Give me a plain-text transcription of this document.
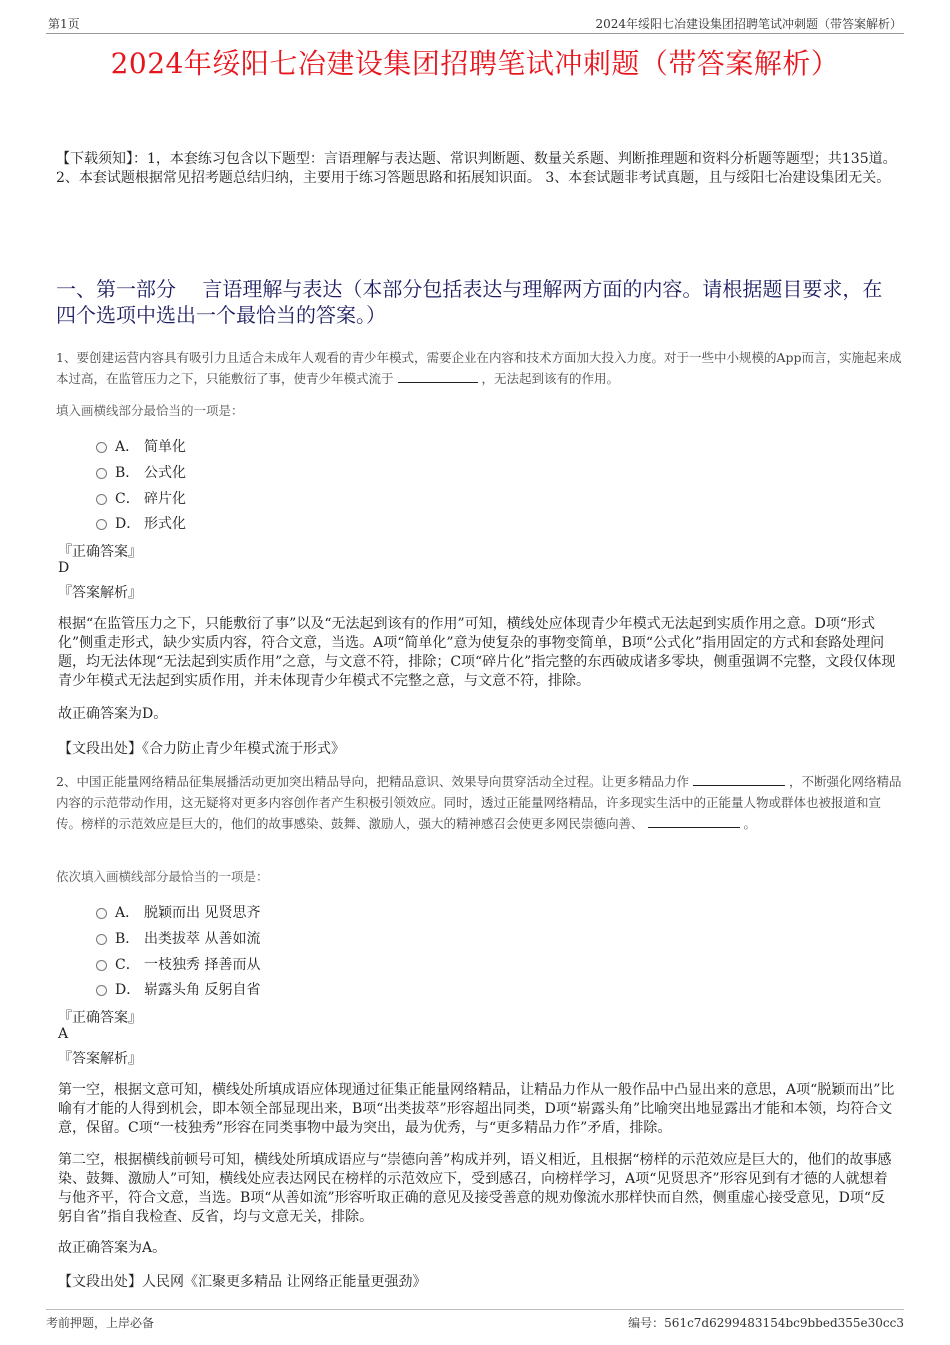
第1页	2024年绥阳七冶建设集团招聘笔试冲刺题（带答案解析）
2024年绥阳七冶建设集团招聘笔试冲刺题（带答案解析）
【下载须知】：1，本套练习包含以下题型：言语理解与表达题、常识判断题、数量关系题、判断推理题和资料分析题等题型；共135道。 2、本套试题根据常见招考题总结归纳，主要用于练习答题思路和拓展知识面。 3、本套试题非考试真题，且与绥阳七冶建设集团无关。
一、第一部分　 言语理解与表达（本部分包括表达与理解两方面的内容。请根据题目要求，在四个选项中选出一个最恰当的答案。）
1、要创建运营内容具有吸引力且适合未成年人观看的青少年模式，需要企业在内容和技术方面加大投入力度。对于一些中小规模的App而言，实施起来成本过高，在监管压力之下，只能敷衍了事，使青少年模式流于	，无法起到该有的作用。
填入画横线部分最恰当的一项是：
A． 简单化
B． 公式化
C． 碎片化
D． 形式化
『正确答案』
D
『答案解析』
根据“在监管压力之下，只能敷衍了事”以及“无法起到该有的作用”可知，横线处应体现青少年模式无法起到实质作用之意。D项“形式化”侧重走形式，缺少实质内容，符合文意，当选。A项“简单化”意为使复杂的事物变简单，B项“公式化”指用固定的方式和套路处理问题，均无法体现“无法起到实质作用”之意，与文意不符，排除；C项“碎片化”指完整的东西破成诸多零块，侧重强调不完整，文段仅体现青少年模式无法起到实质作用，并未体现青少年模式不完整之意，与文意不符，排除。
故正确答案为D。
【文段出处】《合力防止青少年模式流于形式》
2、中国正能量网络精品征集展播活动更加突出精品导向，把精品意识、效果导向贯穿活动全过程。让更多精品力作	，不断强化网络精品内容的示范带动作用，这无疑将对更多内容创作者产生积极引领效应。同时，透过正能量网络精品，许多现实生活中的正能量人物或群体也被报道和宣传。榜样的示范效应是巨大的，他们的故事感染、鼓舞、激励人，强大的精神感召会使更多网民崇德向善、	。
依次填入画横线部分最恰当的一项是：
A． 脱颖而出 见贤思齐
B． 出类拔萃 从善如流
C． 一枝独秀 择善而从
D． 崭露头角 反躬自省
『正确答案』
A
『答案解析』
第一空，根据文意可知，横线处所填成语应体现通过征集正能量网络精品，让精品力作从一般作品中凸显出来的意思，A项“脱颖而出”比喻有才能的人得到机会，即本领全部显现出来，B项“出类拔萃”形容超出同类，D项“崭露头角”比喻突出地显露出才能和本领，均符合文意，保留。C项“一枝独秀”形容在同类事物中最为突出，最为优秀，与“更多精品力作”矛盾，排除。
第二空，根据横线前顿号可知，横线处所填成语应与“崇德向善”构成并列，语义相近，且根据“榜样的示范效应是巨大的，他们的故事感染、鼓舞、激励人”可知，横线处应表达网民在榜样的示范效应下，受到感召，向榜样学习，A项“见贤思齐”形容见到有才德的人就想着与他齐平，符合文意，当选。B项“从善如流”形容听取正确的意见及接受善意的规劝像流水那样快而自然，侧重虚心接受意见，D项“反躬自省”指自我检查、反省，均与文意无关，排除。
故正确答案为A。
【文段出处】人民网《汇聚更多精品 让网络正能量更强劲》
考前押题，上岸必备	编号：561c7d6299483154bc9bbed355e30cc3
